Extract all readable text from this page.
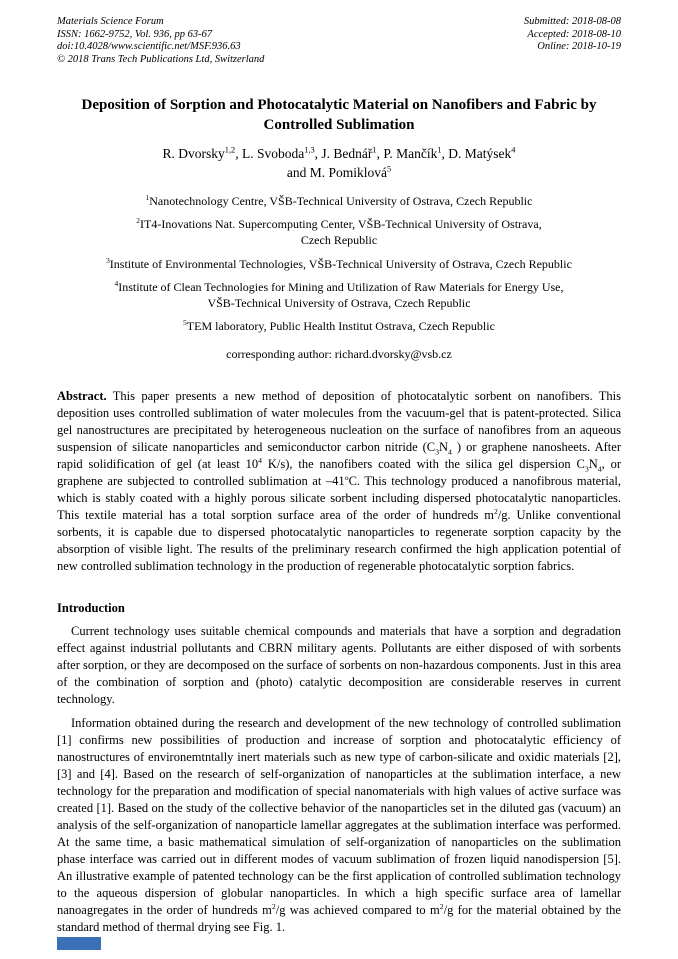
Materials Science Forum
ISSN: 1662-9752, Vol. 936, pp 63-67
doi:10.4028/www.scientific.net/MSF.936.63
© 2018 Trans Tech Publications Ltd, Switzerland
Submitted: 2018-08-08
Accepted: 2018-08-10
Online: 2018-10-19
Deposition of Sorption and Photocatalytic Material on Nanofibers and Fabric by Controlled Sublimation
R. Dvorsky$^{1,2}$, L. Svoboda$^{1,3}$, J. Bednář$^1$, P. Mančík$^1$, D. Matýsek$^4$
and M. Pomiklová$^5$
$^1$Nanotechnology Centre, VŠB-Technical University of Ostrava, Czech Republic
$^2$IT4-Inovations Nat. Supercomputing Center, VŠB-Technical University of Ostrava,
Czech Republic
$^3$Institute of Environmental Technologies, VŠB-Technical University of Ostrava, Czech Republic
$^4$Institute of Clean Technologies for Mining and Utilization of Raw Materials for Energy Use,
VŠB-Technical University of Ostrava, Czech Republic
$^5$TEM laboratory, Public Health Institut Ostrava, Czech Republic
corresponding author: richard.dvorsky@vsb.cz

Abstract. This paper presents a new method of deposition of photocatalytic sorbent on nanofibers. This deposition uses controlled sublimation of water molecules from the vacuum-gel that is patent-protected. Silica gel nanostructures are precipitated by heterogeneous nucleation on the surface of nanofibres from an aqueous suspension of silicate nanoparticles and semiconductor carbon nitride ($C_3N_4$ ) or graphene nanosheets. After rapid solidification of gel (at least $10^4$ K/s), the nanofibers coated with the silica gel dispersion $C_3N_4$, or graphene are subjected to controlled sublimation at –41$^o$C. This technology produced a nanofibrous material, which is stably coated with a highly porous silicate sorbent including dispersed photocatalytic nanoparticles. This textile material has a total sorption surface area of the order of hundreds $m^2/g$. Unlike conventional sorbents, it is capable due to dispersed photocatalytic nanoparticles to regenerate sorption capacity by the absorption of visible light. The results of the preliminary research confirmed the high application potential of new controlled sublimation technology in the production of regenerable photocatalytic sorption fabrics.

Introduction

Current technology uses suitable chemical compounds and materials that have a sorption and degradation effect against industrial pollutants and CBRN military agents. Pollutants are either disposed of with sorbents after sorption, or they are decomposed on the surface of sorbents on non-hazardous components. Just in this area of the combination of sorption and (photo) catalytic decomposition are considerable reserves in current technology.

Information obtained during the research and development of the new technology of controlled sublimation [1] confirms new possibilities of production and increase of sorption and photocatalytic efficiency of nanostructures of environemtntally inert materials such as new type of carbon-silicate and oxidic materials [2], [3] and [4]. Based on the research of self-organization of nanoparticles at the sublimation interface, a new technology for the preparation and modification of special nanomaterials with high values of active surface was created [1]. Based on the study of the collective behavior of the nanoparticles set in the diluted gas (vacuum) an analysis of the self-organization of nanoparticle lamellar aggregates at the sublimation interface was performed. At the same time, a basic mathematical simulation of self-organization of nanoparticles on the sublimation phase interface was carried out in different modes of vacuum sublimation of frozen liquid nanodispersion [5]. An illustrative example of patented technology can be the first application of controlled sublimation technology to the aqueous dispersion of globular nanoparticles. In which a high specific surface area of lamellar nanoagregates in the order of hundreds $m^2/g$ was achieved compared to $m^2/g$ for the material obtained by the standard method of thermal drying see Fig. 1.
